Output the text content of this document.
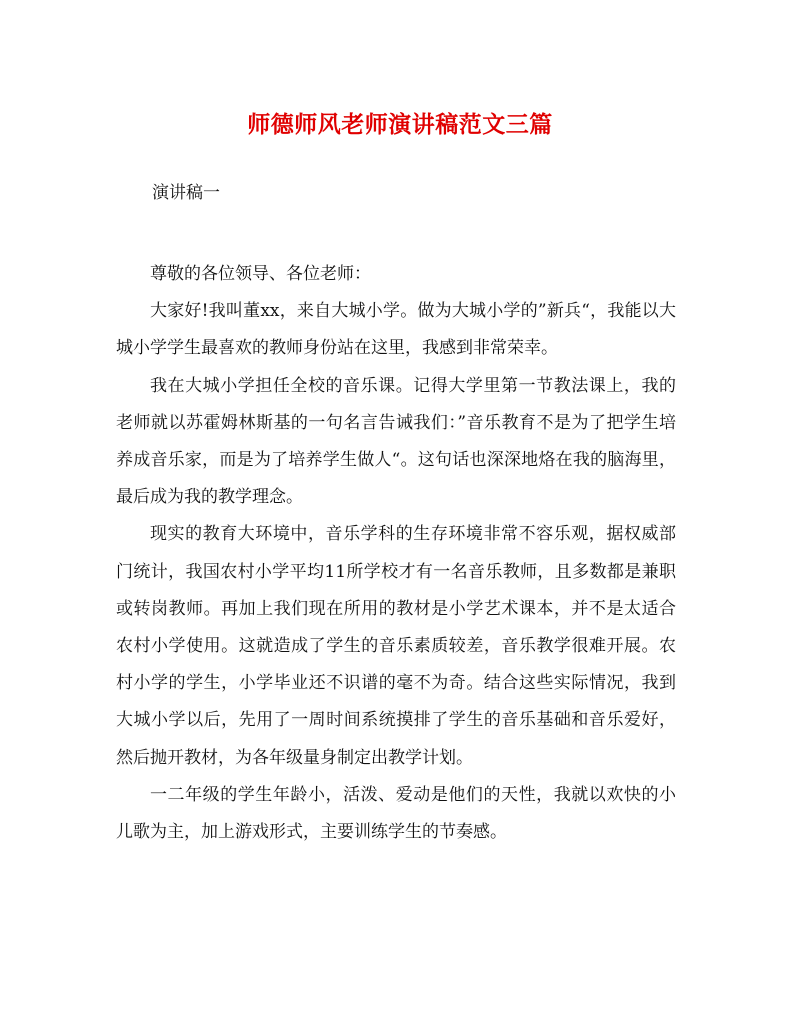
师德师风老师演讲稿范文三篇
演讲稿一

尊敬的各位领导、各位老师：

大家好!我叫董xx，来自大城小学。做为大城小学的”新兵“，我能以大城小学学生最喜欢的教师身份站在这里，我感到非常荣幸。

我在大城小学担任全校的音乐课。记得大学里第一节教法课上，我的老师就以苏霍姆林斯基的一句名言告诫我们：”音乐教育不是为了把学生培养成音乐家，而是为了培养学生做人“。这句话也深深地烙在我的脑海里，最后成为我的教学理念。

现实的教育大环境中，音乐学科的生存环境非常不容乐观，据权威部门统计，我国农村小学平均11所学校才有一名音乐教师，且多数都是兼职或转岗教师。再加上我们现在所用的教材是小学艺术课本，并不是太适合农村小学使用。这就造成了学生的音乐素质较差，音乐教学很难开展。农村小学的学生，小学毕业还不识谱的毫不为奇。结合这些实际情况，我到大城小学以后，先用了一周时间系统摸排了学生的音乐基础和音乐爱好，然后抛开教材，为各年级量身制定出教学计划。

一二年级的学生年龄小，活泼、爱动是他们的天性，我就以欢快的小儿歌为主，加上游戏形式，主要训练学生的节奏感。
